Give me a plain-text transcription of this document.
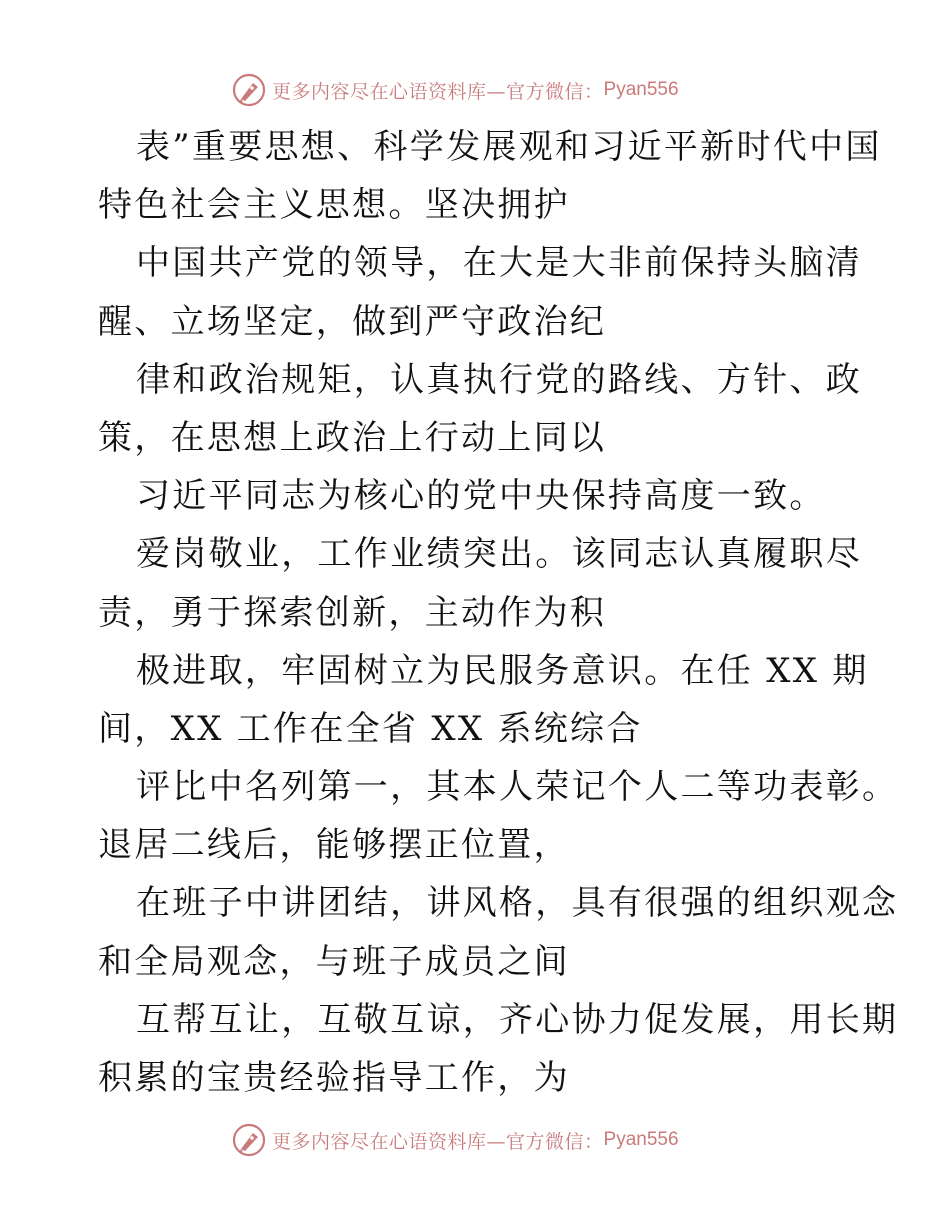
更多内容尽在心语资料库—官方微信： Pyan556
表”重要思想、科学发展观和习近平新时代中国
特色社会主义思想。坚决拥护
中国共产党的领导，在大是大非前保持头脑清
醒、立场坚定，做到严守政治纪
律和政治规矩，认真执行党的路线、方针、政
策，在思想上政治上行动上同以
习近平同志为核心的党中央保持高度一致。
爱岗敬业，工作业绩突出。该同志认真履职尽
责，勇于探索创新，主动作为积
极进取，牢固树立为民服务意识。在任 XX 期
间，XX 工作在全省 XX 系统综合
评比中名列第一，其本人荣记个人二等功表彰。
退居二线后，能够摆正位置，
在班子中讲团结，讲风格，具有很强的组织观念
和全局观念，与班子成员之间
互帮互让，互敬互谅，齐心协力促发展，用长期
积累的宝贵经验指导工作，为
更多内容尽在心语资料库—官方微信： Pyan556
